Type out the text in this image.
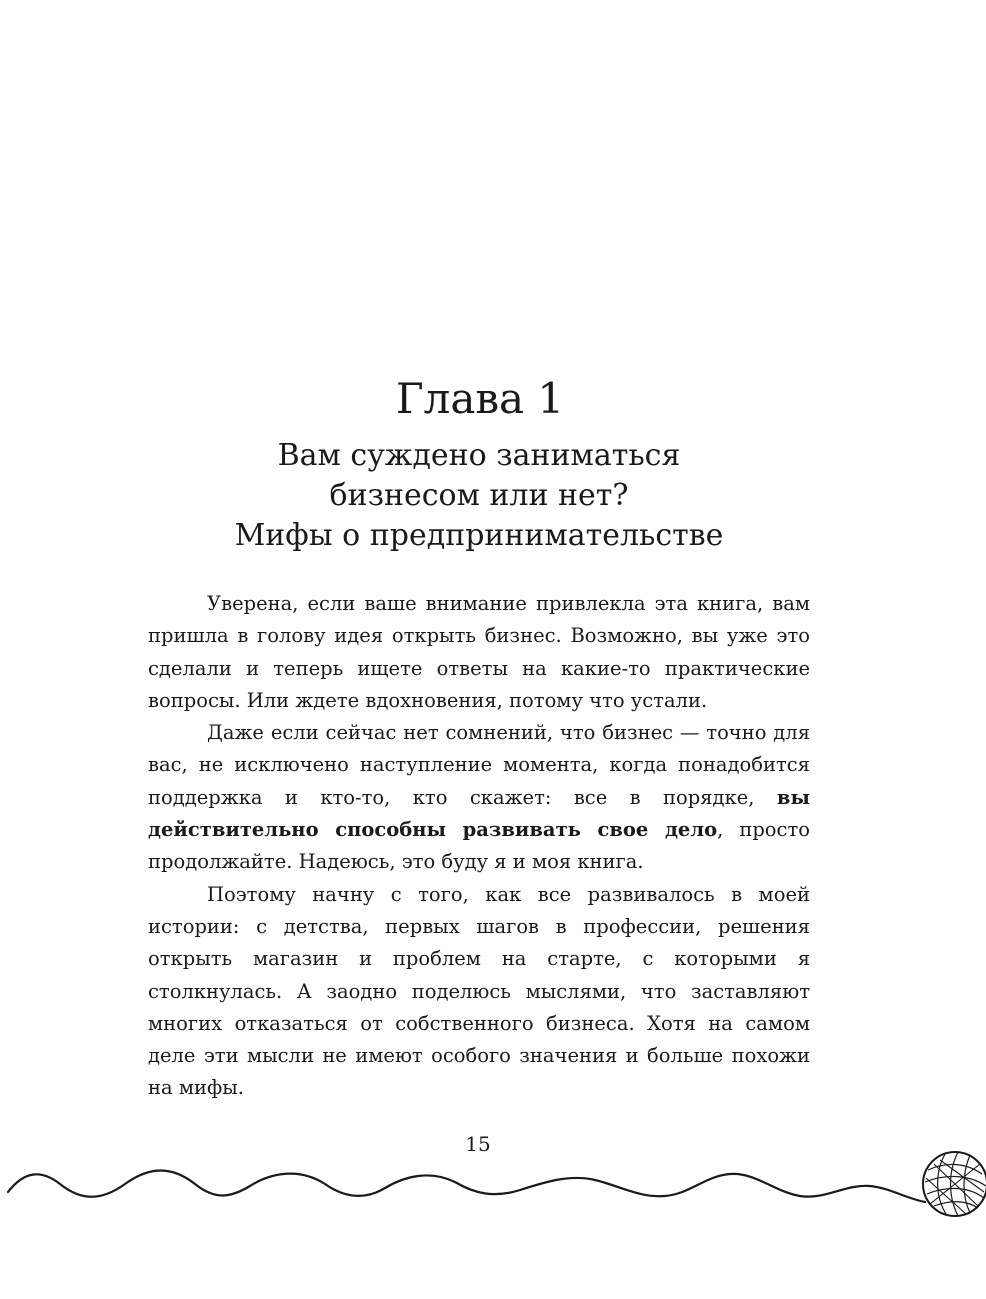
Глава 1
Вам суждено заниматься
бизнесом или нет?
Мифы о предпринимательстве

Уверена, если ваше внимание привлекла эта книга, вам пришла в голову идея открыть бизнес. Возможно, вы уже это сделали и теперь ищете ответы на какие-то практические вопросы. Или ждете вдохновения, потому что устали.

Даже если сейчас нет сомнений, что бизнес — точно для вас, не исключено наступление момента, когда понадобится поддержка и кто-то, кто скажет: все в порядке, вы действительно способны развивать свое дело, просто продолжайте. Надеюсь, это буду я и моя книга.

Поэтому начну с того, как все развивалось в моей истории: с детства, первых шагов в профессии, решения открыть магазин и проблем на старте, с которыми я столкнулась. А заодно поделюсь мыслями, что заставляют многих отказаться от собственного бизнеса. Хотя на самом деле эти мысли не имеют особого значения и больше похожи на мифы.

15
